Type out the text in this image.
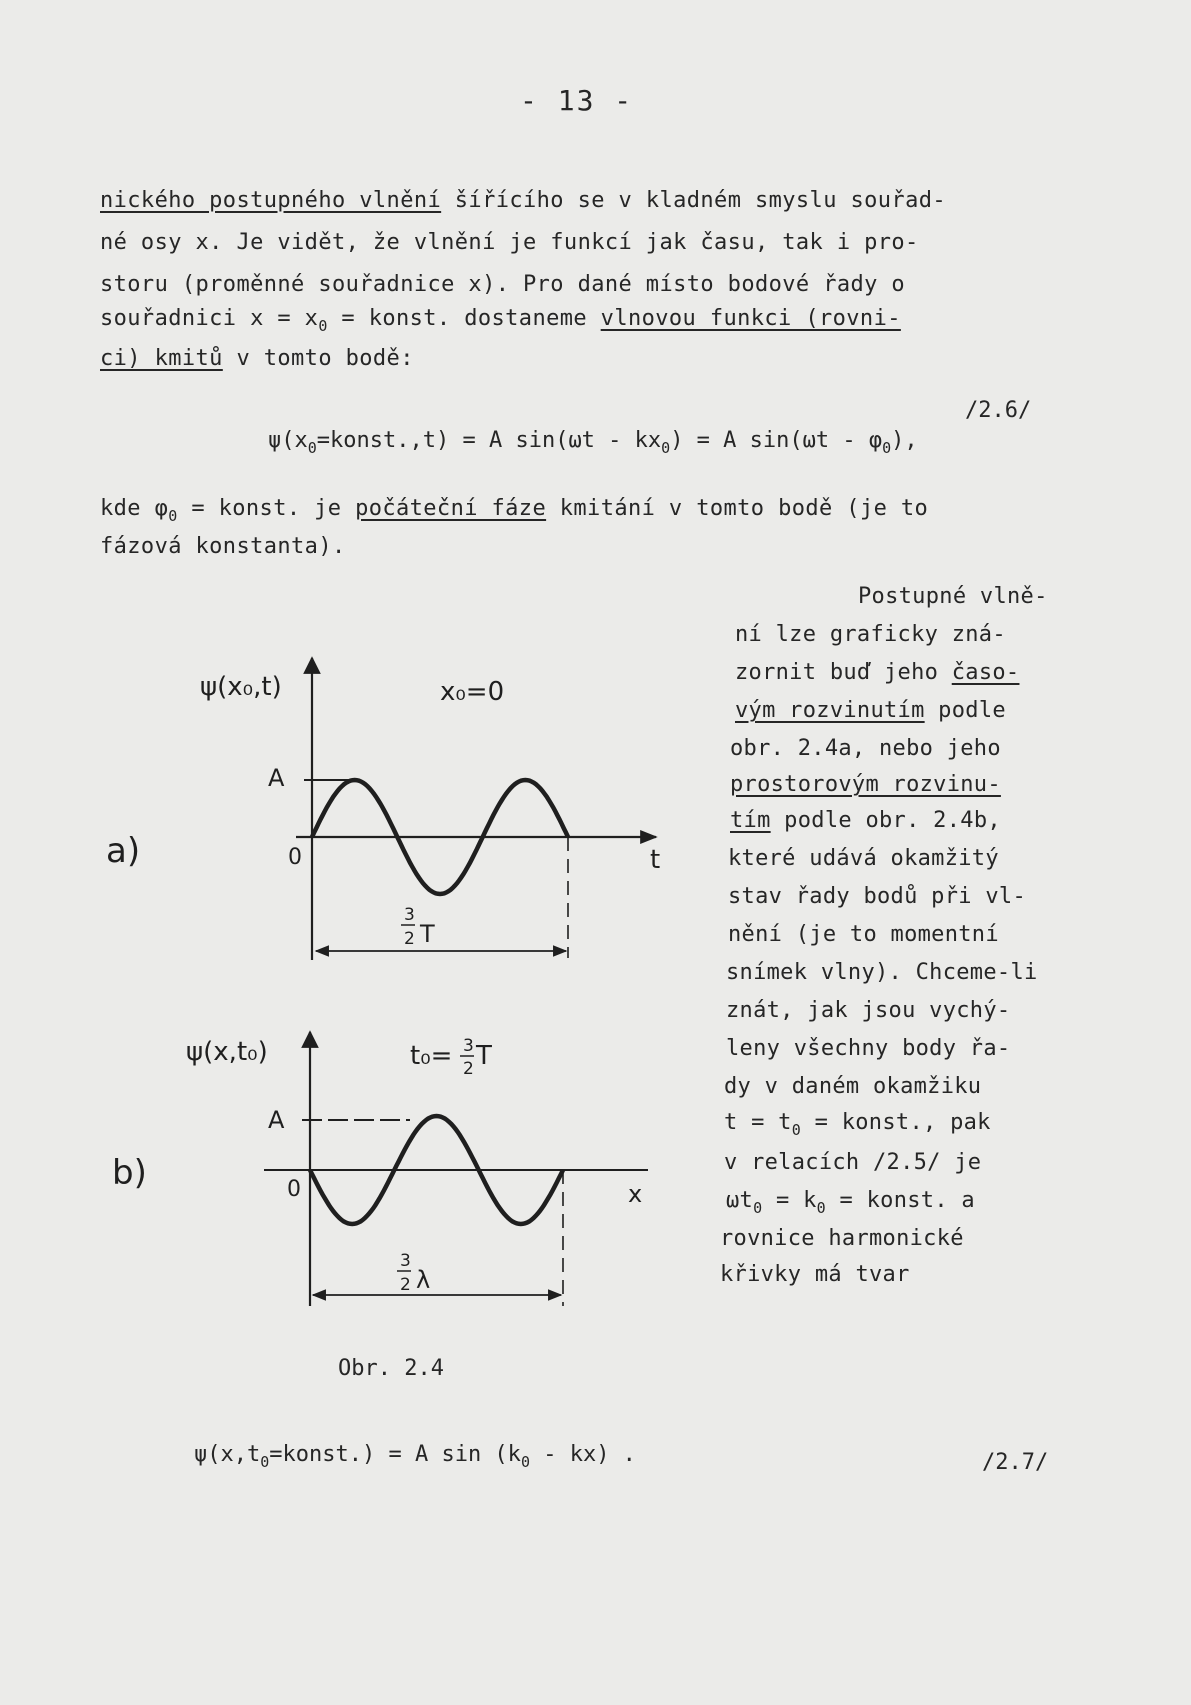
- 13 -
nického postupného vlnění šířícího se v kladném smyslu souřad-
né osy x. Je vidět, že vlnění je funkcí jak času, tak i pro-
storu (proměnné souřadnice x). Pro dané místo bodové řady o
souřadnici $x = x_0$ = konst. dostaneme vlnovou funkci (rovni-
ci) kmitů v tomto bodě:
/2.6/
$\psi(x_0=konst.,t) = A$ $\sin(\omega t - kx_0) = A$ $\sin(\omega t - \varphi_0)$,
kde $\varphi_0$ = konst. je počáteční fáze kmitání v tomto bodě (je to
fázová konstanta).
Postupné vlně-
ní lze graficky zná-
zornit buď jeho časo-
vým rozvinutím podle
obr. 2.4a, nebo jeho
prostorovým rozvinu-
tím podle obr. 2.4b,
které udává okamžitý
stav řady bodů při vl-
nění (je to momentní
snímek vlny). Chceme-li
znát, jak jsou vychý-
leny všechny body řa-
dy v daném okamžiku
$t = t_0$ = konst., pak
v relacích /2.5/ je
$\omega t_0 = k_0$ = konst. a
rovnice harmonické
křivky má tvar
a)
ψ(x₀,t)	x₀=0
A
0	t
3
2 T
b)
ψ(x,t₀)	t₀= 3
2 T
A
0	x
3
2 λ
Obr. 2.4
$\psi(x,t_0=konst.) = A$ $\sin (k_0 - kx)$ .	/2.7/
